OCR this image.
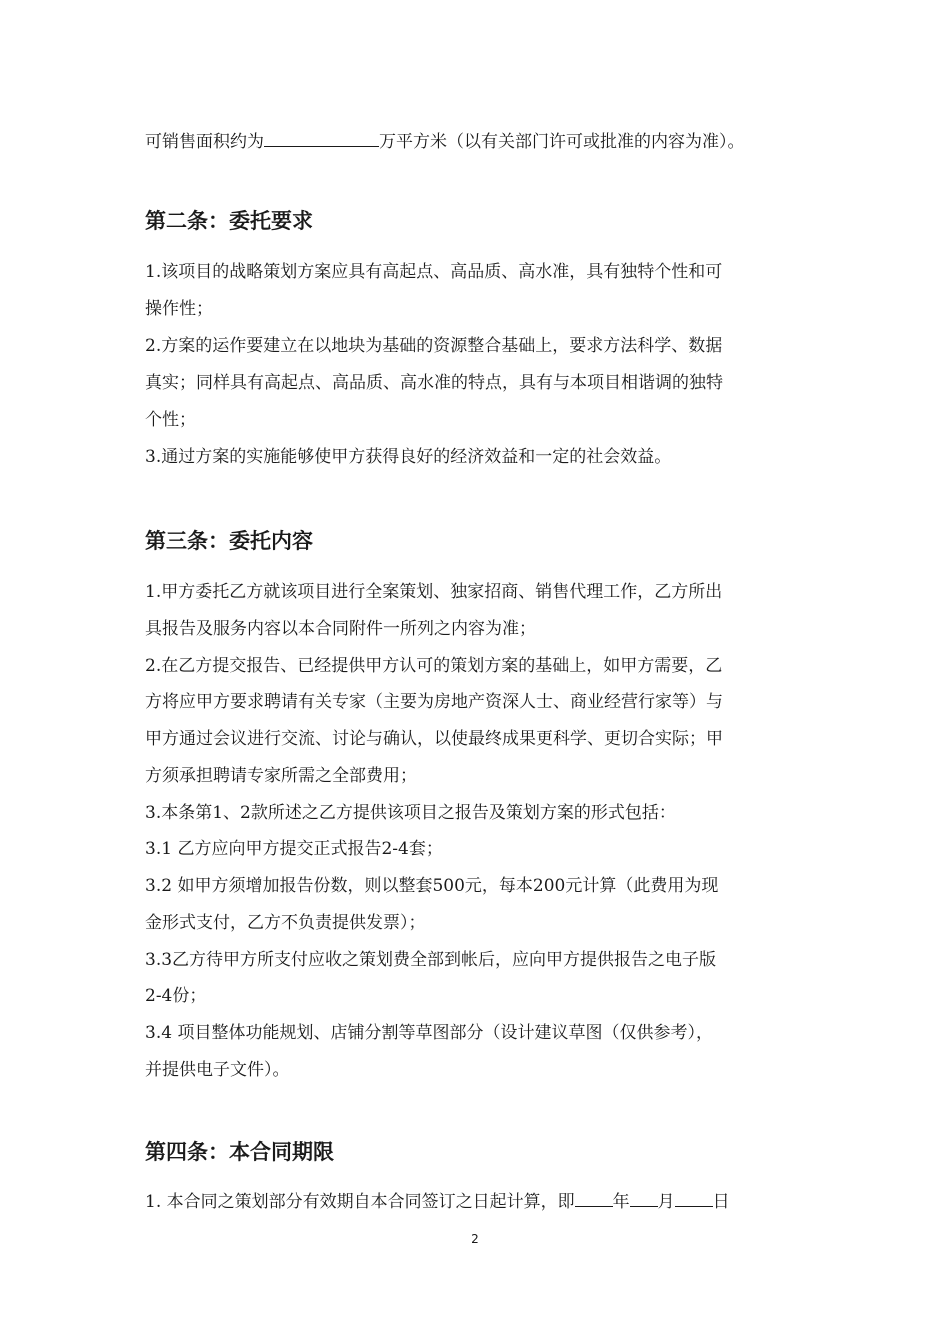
可销售面积约为	万平方米（以有关部门许可或批准的内容为准）。
第二条：委托要求
1.该项目的战略策划方案应具有高起点、高品质、高水准，具有独特个性和可
操作性；
2.方案的运作要建立在以地块为基础的资源整合基础上，要求方法科学、数据
真实；同样具有高起点、高品质、高水准的特点，具有与本项目相谐调的独特
个性；
3.通过方案的实施能够使甲方获得良好的经济效益和一定的社会效益。
第三条：委托内容
1.甲方委托乙方就该项目进行全案策划、独家招商、销售代理工作，乙方所出
具报告及服务内容以本合同附件一所列之内容为准；
2.在乙方提交报告、已经提供甲方认可的策划方案的基础上，如甲方需要，乙
方将应甲方要求聘请有关专家（主要为房地产资深人士、商业经营行家等）与
甲方通过会议进行交流、讨论与确认，以使最终成果更科学、更切合实际；甲
方须承担聘请专家所需之全部费用；
3.本条第1、2款所述之乙方提供该项目之报告及策划方案的形式包括：
3.1 乙方应向甲方提交正式报告2-4套；
3.2 如甲方须增加报告份数，则以整套500元，每本200元计算（此费用为现
金形式支付，乙方不负责提供发票）；
3.3乙方待甲方所支付应收之策划费全部到帐后，应向甲方提供报告之电子版
2-4份；
3.4 项目整体功能规划、店铺分割等草图部分（设计建议草图（仅供参考），
并提供电子文件）。
第四条：本合同期限
1. 本合同之策划部分有效期自本合同签订之日起计算，即 年 月 日
2
